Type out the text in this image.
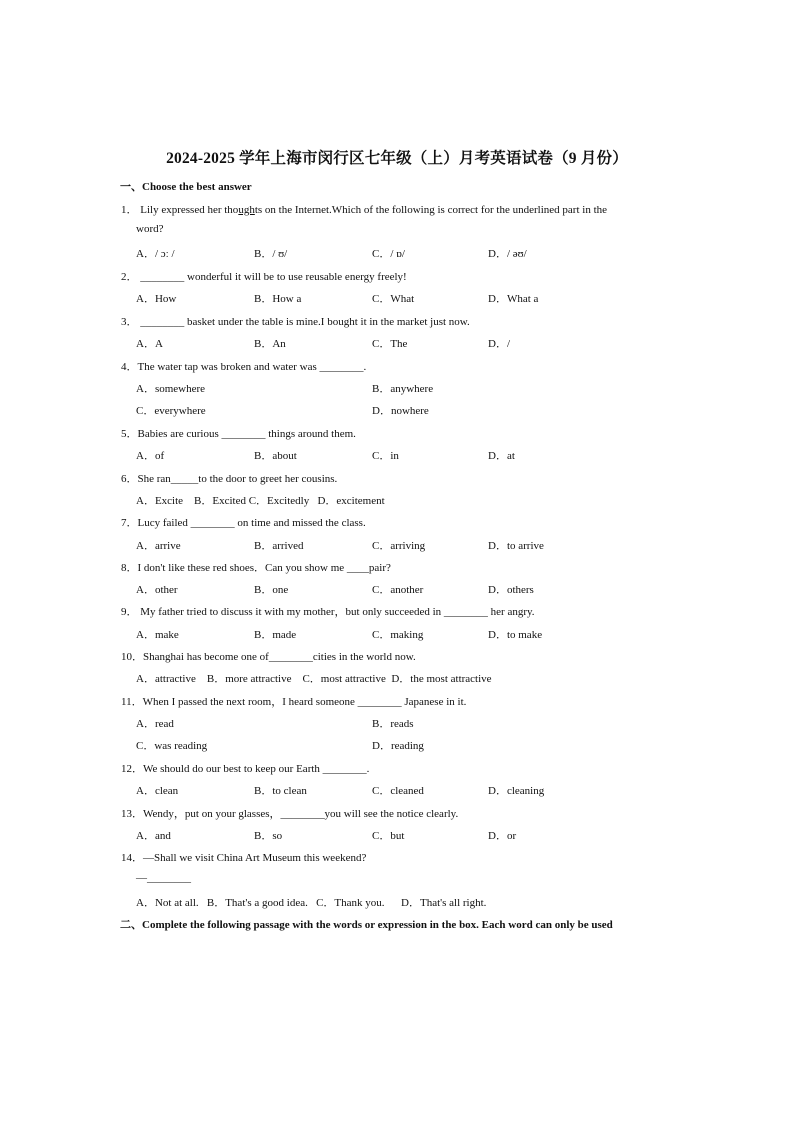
2024-2025 学年上海市闵行区七年级（上）月考英语试卷（9 月份）
一、Choose the best answer
1． Lily expressed her thoughts on the Internet.Which of the following is correct for the underlined part in the
word?
A．/ ɔː /	B．/ ʊ/	C．/ ɒ/	D．/ əʊ/
2． ________ wonderful it will be to use reusable energy freely!
A．How	B．How a	C．What	D．What a
3． ________ basket under the table is mine.I bought it in the market just now.
A．A	B．An	C．The	D．/
4．The water tap was broken and water was ________.
A．somewhere	B．anywhere
C．everywhere	D．nowhere
5．Babies are curious ________ things around them.
A．of	B．about	C．in	D．at
6．She ran_____to the door to greet her cousins.
A．Excite    B．Excited C．Excitedly   D．excitement
7．Lucy failed ________ on time and missed the class.
A．arrive	B．arrived	C．arriving	D．to arrive
8．I don't like these red shoes．Can you show me ____pair?
A．other	B．one	C．another	D．others
9． My father tried to discuss it with my mother，but only succeeded in ________ her angry.
A．make	B．made	C．making	D．to make
10．Shanghai has become one of________cities in the world now.
A．attractive    B．more attractive    C．most attractive  D．the most attractive
11．When I passed the next room，I heard someone ________ Japanese in it.
A．read	B．reads
C．was reading	D．reading
12．We should do our best to keep our Earth ________.
A．clean	B．to clean	C．cleaned	D．cleaning
13．Wendy，put on your glasses，________you will see the notice clearly.
A．and	B．so	C．but	D．or
14．—Shall we visit China Art Museum this weekend?
—________
A．Not at all.   B．That's a good idea.   C．Thank you.      D．That's all right.
二、Complete the following passage with the words or expression in the box. Each word can only be used
